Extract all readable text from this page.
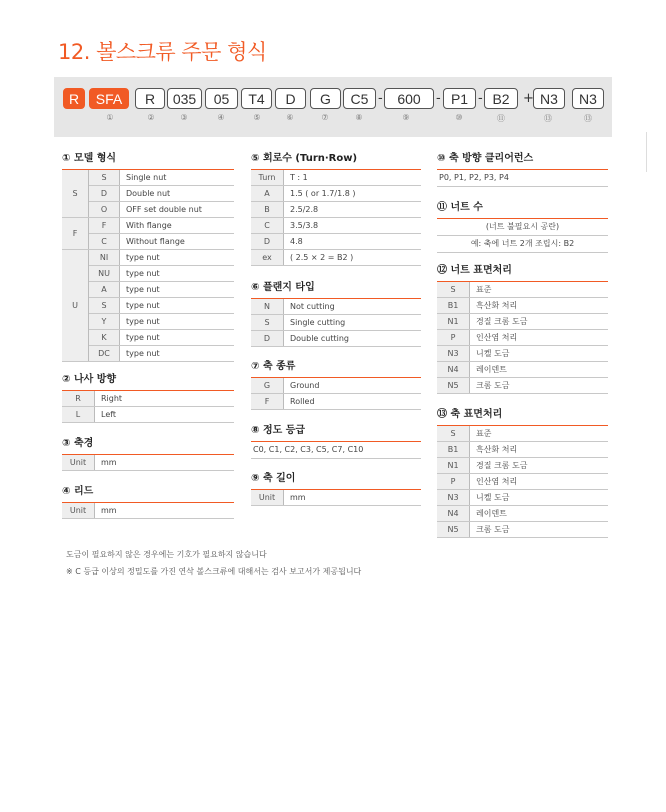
12. 볼스크류 주문 형식
R	SFA	R	035	05	T4	D	G	C5	600	P1	B2	N3	N3
-	-	-	+
①	②	③	④	⑤	⑥	⑦	⑧	⑨	⑩	⑪	⑬	⑬
① 모델 형식
S	S	Single nut
	D	Double nut
	O	OFF set double nut
F	F	With flange
	C	Without flange
U	NI	type nut
	NU	type nut
	A	type nut
	S	type nut
	Y	type nut
	K	type nut
	DC	type nut
② 나사 방향
R	Right
L	Left
③ 축경
Unit	mm
④ 리드
Unit	mm
⑤ 회로수 (Turn·Row)
Turn	T : 1
A	1.5 ( or 1.7/1.8 )
B	2.5/2.8
C	3.5/3.8
D	4.8
ex	( 2.5 × 2 = B2 )
⑥ 플랜지 타입
N	Not cutting
S	Single cutting
D	Double cutting
⑦ 축 종류
G	Ground
F	Rolled
⑧ 정도 등급
C0, C1, C2, C3, C5, C7, C10
⑨ 축 길이
Unit	mm
⑩ 축 방향 클리어런스
P0, P1, P2, P3, P4
⑪ 너트 수
(너트 불필요시 공란)
예: 축에 너트 2개 조립시: B2
⑫ 너트 표면처리
S	표준
B1	흑산화 처리
N1	경질 크롬 도금
P	인산염 처리
N3	니켈 도금
N4	레이덴트
N5	크롬 도금
⑬ 축 표면처리
S	표준
B1	흑산화 처리
N1	경질 크롬 도금
P	인산염 처리
N3	니켈 도금
N4	레이덴트
N5	크롬 도금
도금이 필요하지 않은 경우에는 기호가 필요하지 않습니다
※ C 등급 이상의 정밀도를 가진 연삭 볼스크류에 대해서는 검사 보고서가 제공됩니다
